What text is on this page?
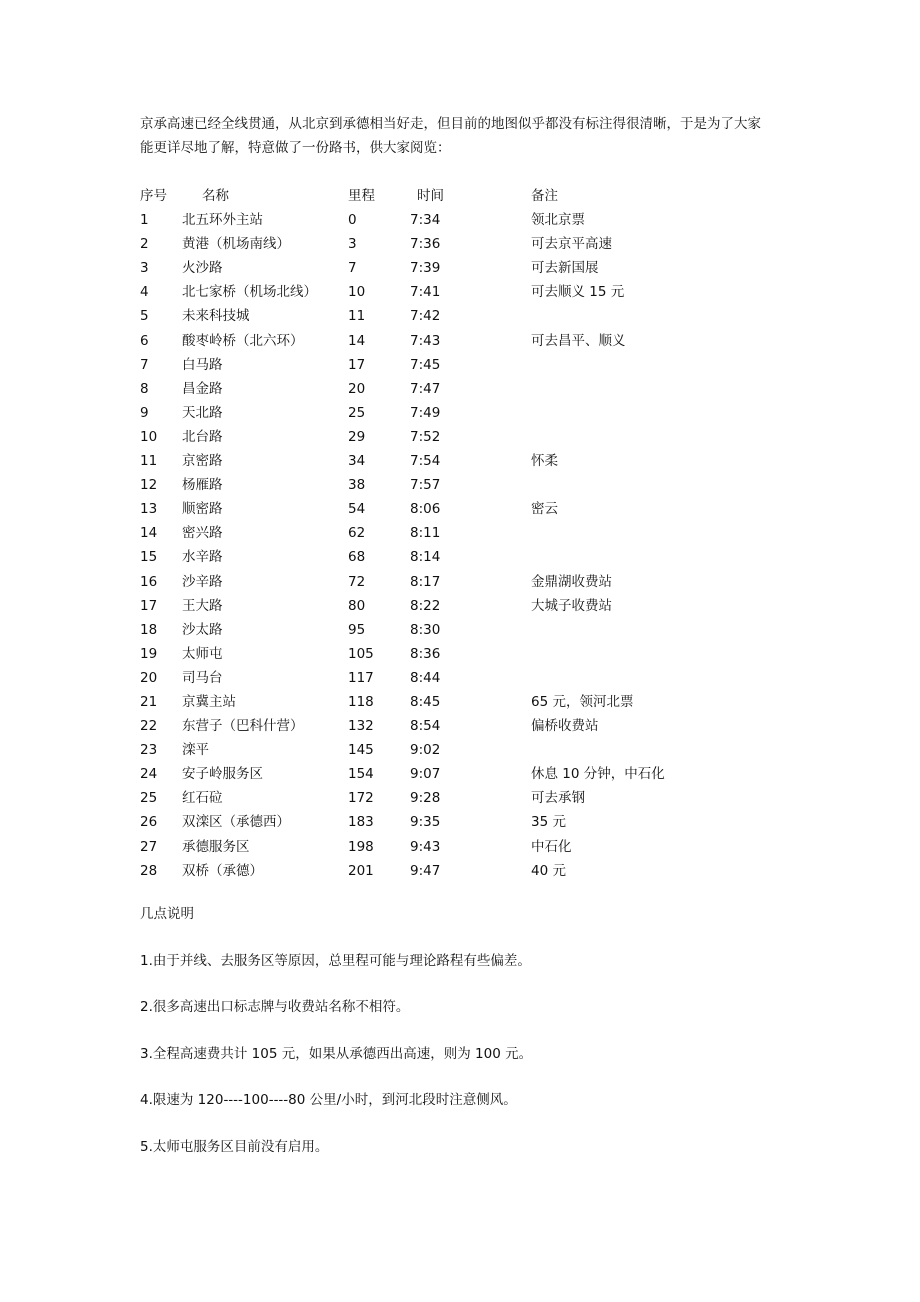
京承高速已经全线贯通，从北京到承德相当好走，但目前的地图似乎都没有标注得很清晰，于是为了大家

能更详尽地了解，特意做了一份路书，供大家阅览：

序号	名称	里程	时间	备注
1 北五环外主站	0	7:34	领北京票
2 黄港（机场南线）	3	7:36	可去京平高速
3 火沙路	7	7:39	可去新国展
4 北七家桥（机场北线） 10	7:41	可去顺义 15 元
5 未来科技城	11	7:42
6 酸枣岭桥（北六环）	14	7:43	可去昌平、顺义
7 白马路	17	7:45
8 昌金路	20	7:47
9 天北路	25	7:49
10 北台路	29	7:52
11 京密路	34	7:54	怀柔
12 杨雁路	38	7:57
13 顺密路	54	8:06	密云
14 密兴路	62	8:11
15 水辛路	68	8:14
16 沙辛路	72	8:17	金鼎湖收费站
17 王大路	80	8:22	大城子收费站
18 沙太路	95	8:30
19 太师屯	105	8:36
20 司马台	117	8:44
21 京冀主站	118	8:45	65 元，领河北票
22 东营子（巴科什营）	132	8:54	偏桥收费站
23 滦平	145	9:02
24 安子岭服务区	154	9:07	休息 10 分钟，中石化
25 红石砬	172	9:28	可去承钢
26 双滦区（承德西）	183	9:35	35 元
27 承德服务区	198	9:43	中石化
28 双桥（承德）	201	9:47	40 元
几点说明
1.由于并线、去服务区等原因，总里程可能与理论路程有些偏差。
2.很多高速出口标志牌与收费站名称不相符。
3.全程高速费共计 105 元，如果从承德西出高速，则为 100 元。
4.限速为 120----100----80 公里/小时，到河北段时注意侧风。
5.太师屯服务区目前没有启用。
